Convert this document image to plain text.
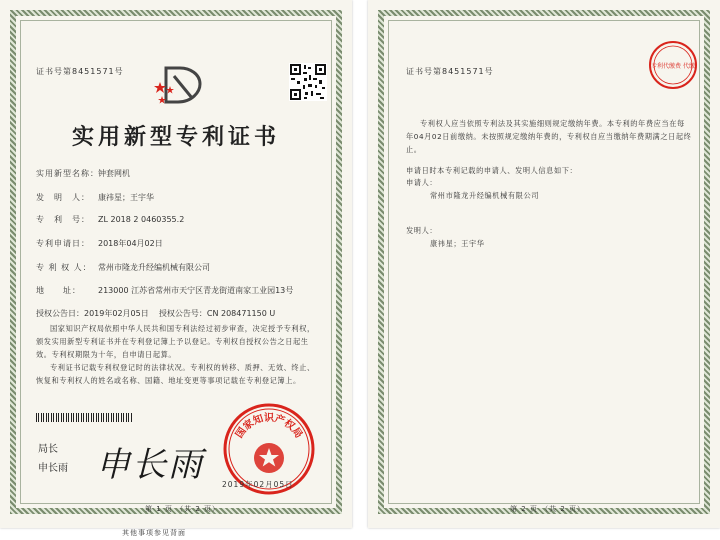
证书号第8451571号
实用新型专利证书
实用新型名称：钟套网机
发　明　人： 康祎星；王宇华
专　利　号： ZL 2018 2 0460355.2
专利申请日： 2018年04月02日
专 利 权 人： 常州市隆龙升经编机械有限公司
地　　址： 213000 江苏省常州市天宁区青龙街道南家工业园13号
授权公告日：2019年02月05日 授权公告号：CN 208471150 U
国家知识产权局依照中华人民共和国专利法经过初步审查，决定授予专利权，颁发实用新型专利证书并在专利登记簿上予以登记。专利权自授权公告之日起生效。专利权期限为十年，自申请日起算。
专利证书记载专利权登记时的法律状况。专利权的转移、质押、无效、终止、恢复和专利权人的姓名或名称、国籍、地址变更等事项记载在专利登记簿上。
局长
申长雨 申长雨
国家知识产权局
2019年02月05日
第 1 页 （共 2 页）
其他事项参见背面
证书号第8451571号
专利代缴费 代缴
专利权人应当依照专利法及其实施细则规定缴纳年费。本专利的年费应当在每年04月02日前缴纳。未按照规定缴纳年费的，专利权自应当缴纳年费期满之日起终止。
申请日时本专利记载的申请人、发明人信息如下：
申请人：
常州市隆龙升经编机械有限公司
发明人：
康祎星；王宇华
第 2 页 （共 2 页）
